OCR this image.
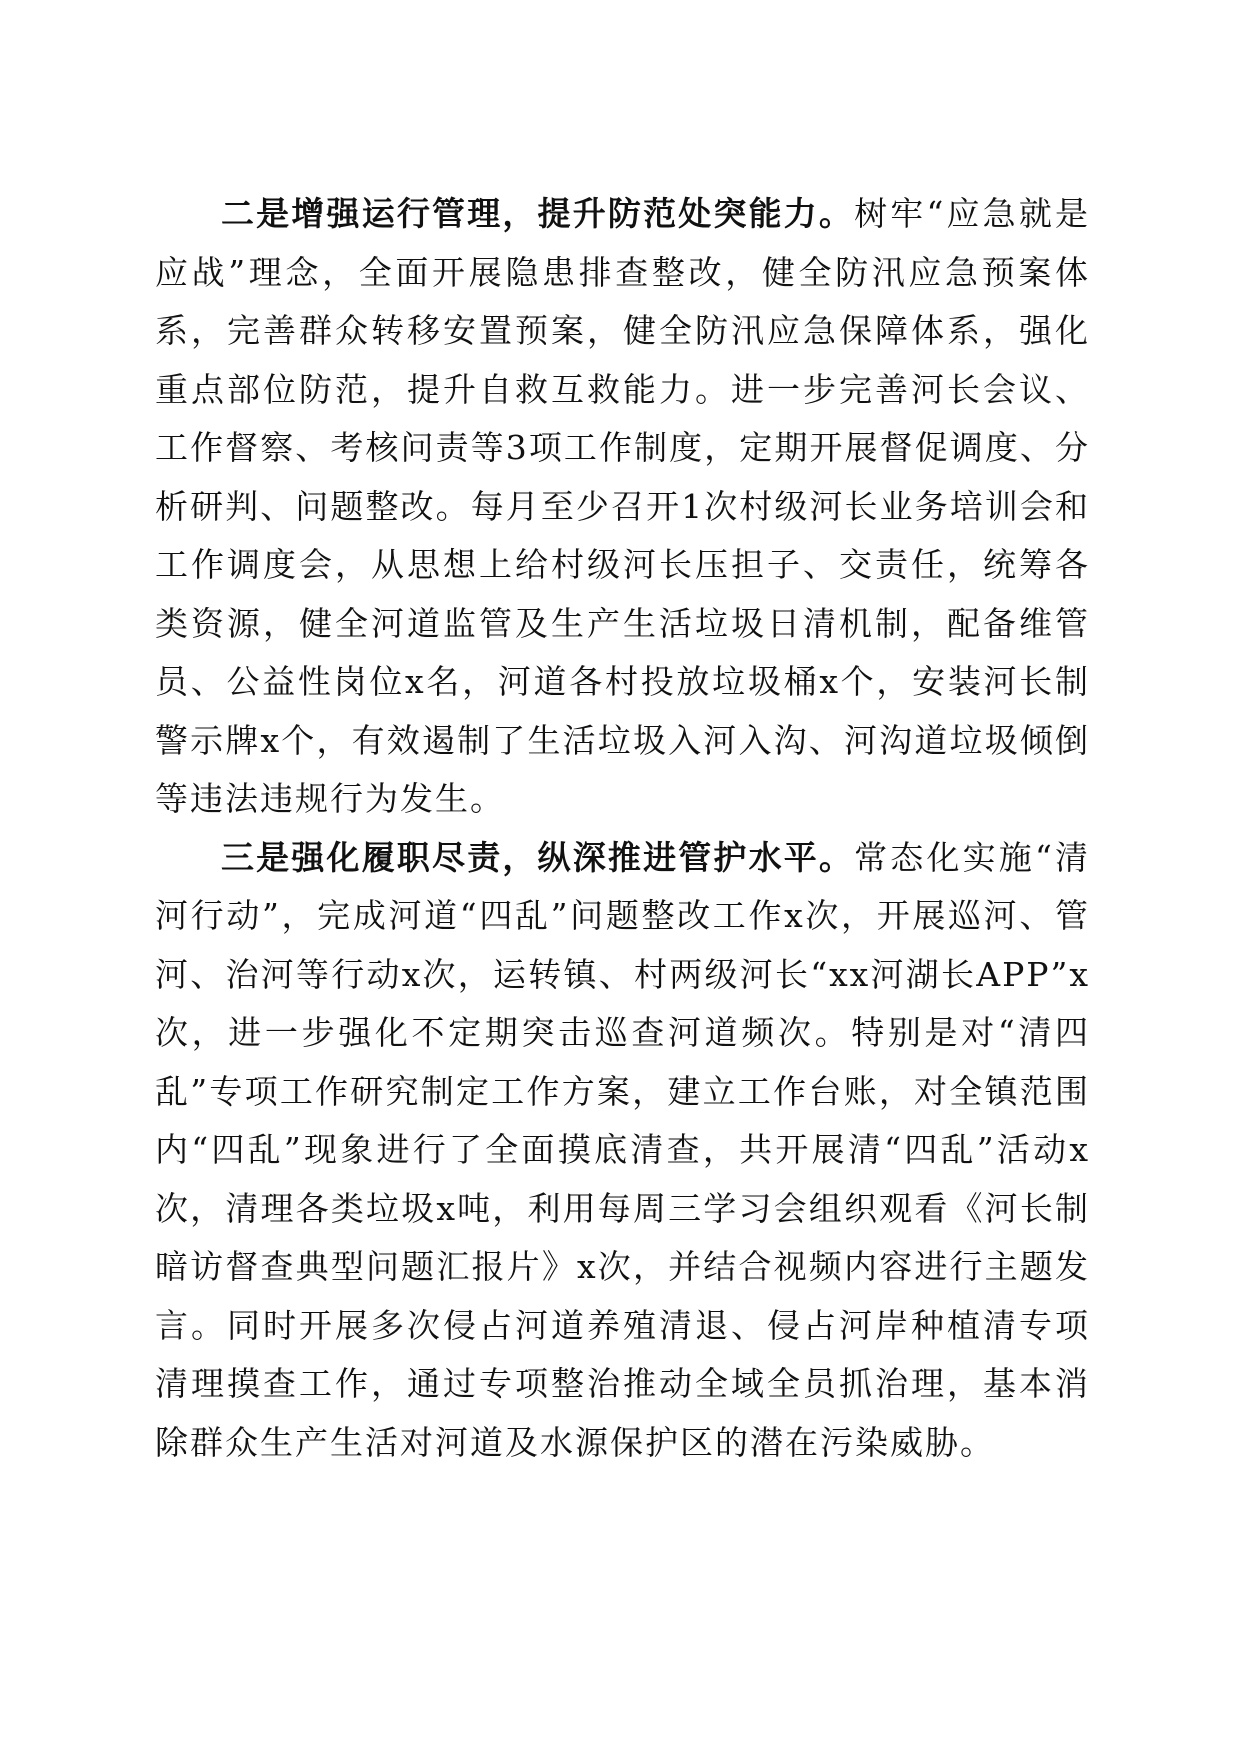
二是增强运行管理，提升防范处突能力。树牢“应急就是应战”理念，全面开展隐患排查整改，健全防汛应急预案体系，完善群众转移安置预案，健全防汛应急保障体系，强化重点部位防范，提升自救互救能力。进一步完善河长会议、工作督察、考核问责等3项工作制度，定期开展督促调度、分析研判、问题整改。每月至少召开1次村级河长业务培训会和工作调度会，从思想上给村级河长压担子、交责任，统筹各类资源，健全河道监管及生产生活垃圾日清机制，配备维管员、公益性岗位x名，河道各村投放垃圾桶x个，安装河长制警示牌x个，有效遏制了生活垃圾入河入沟、河沟道垃圾倾倒等违法违规行为发生。

三是强化履职尽责，纵深推进管护水平。常态化实施“清河行动”，完成河道“四乱”问题整改工作x次，开展巡河、管河、治河等行动x次，运转镇、村两级河长“xx河湖长APP”x次，进一步强化不定期突击巡查河道频次。特别是对“清四乱”专项工作研究制定工作方案，建立工作台账，对全镇范围内“四乱”现象进行了全面摸底清查，共开展清“四乱”活动x次，清理各类垃圾x吨，利用每周三学习会组织观看《河长制暗访督查典型问题汇报片》x次，并结合视频内容进行主题发言。同时开展多次侵占河道养殖清退、侵占河岸种植清专项清理摸查工作，通过专项整治推动全域全员抓治理，基本消除群众生产生活对河道及水源保护区的潜在污染威胁。
